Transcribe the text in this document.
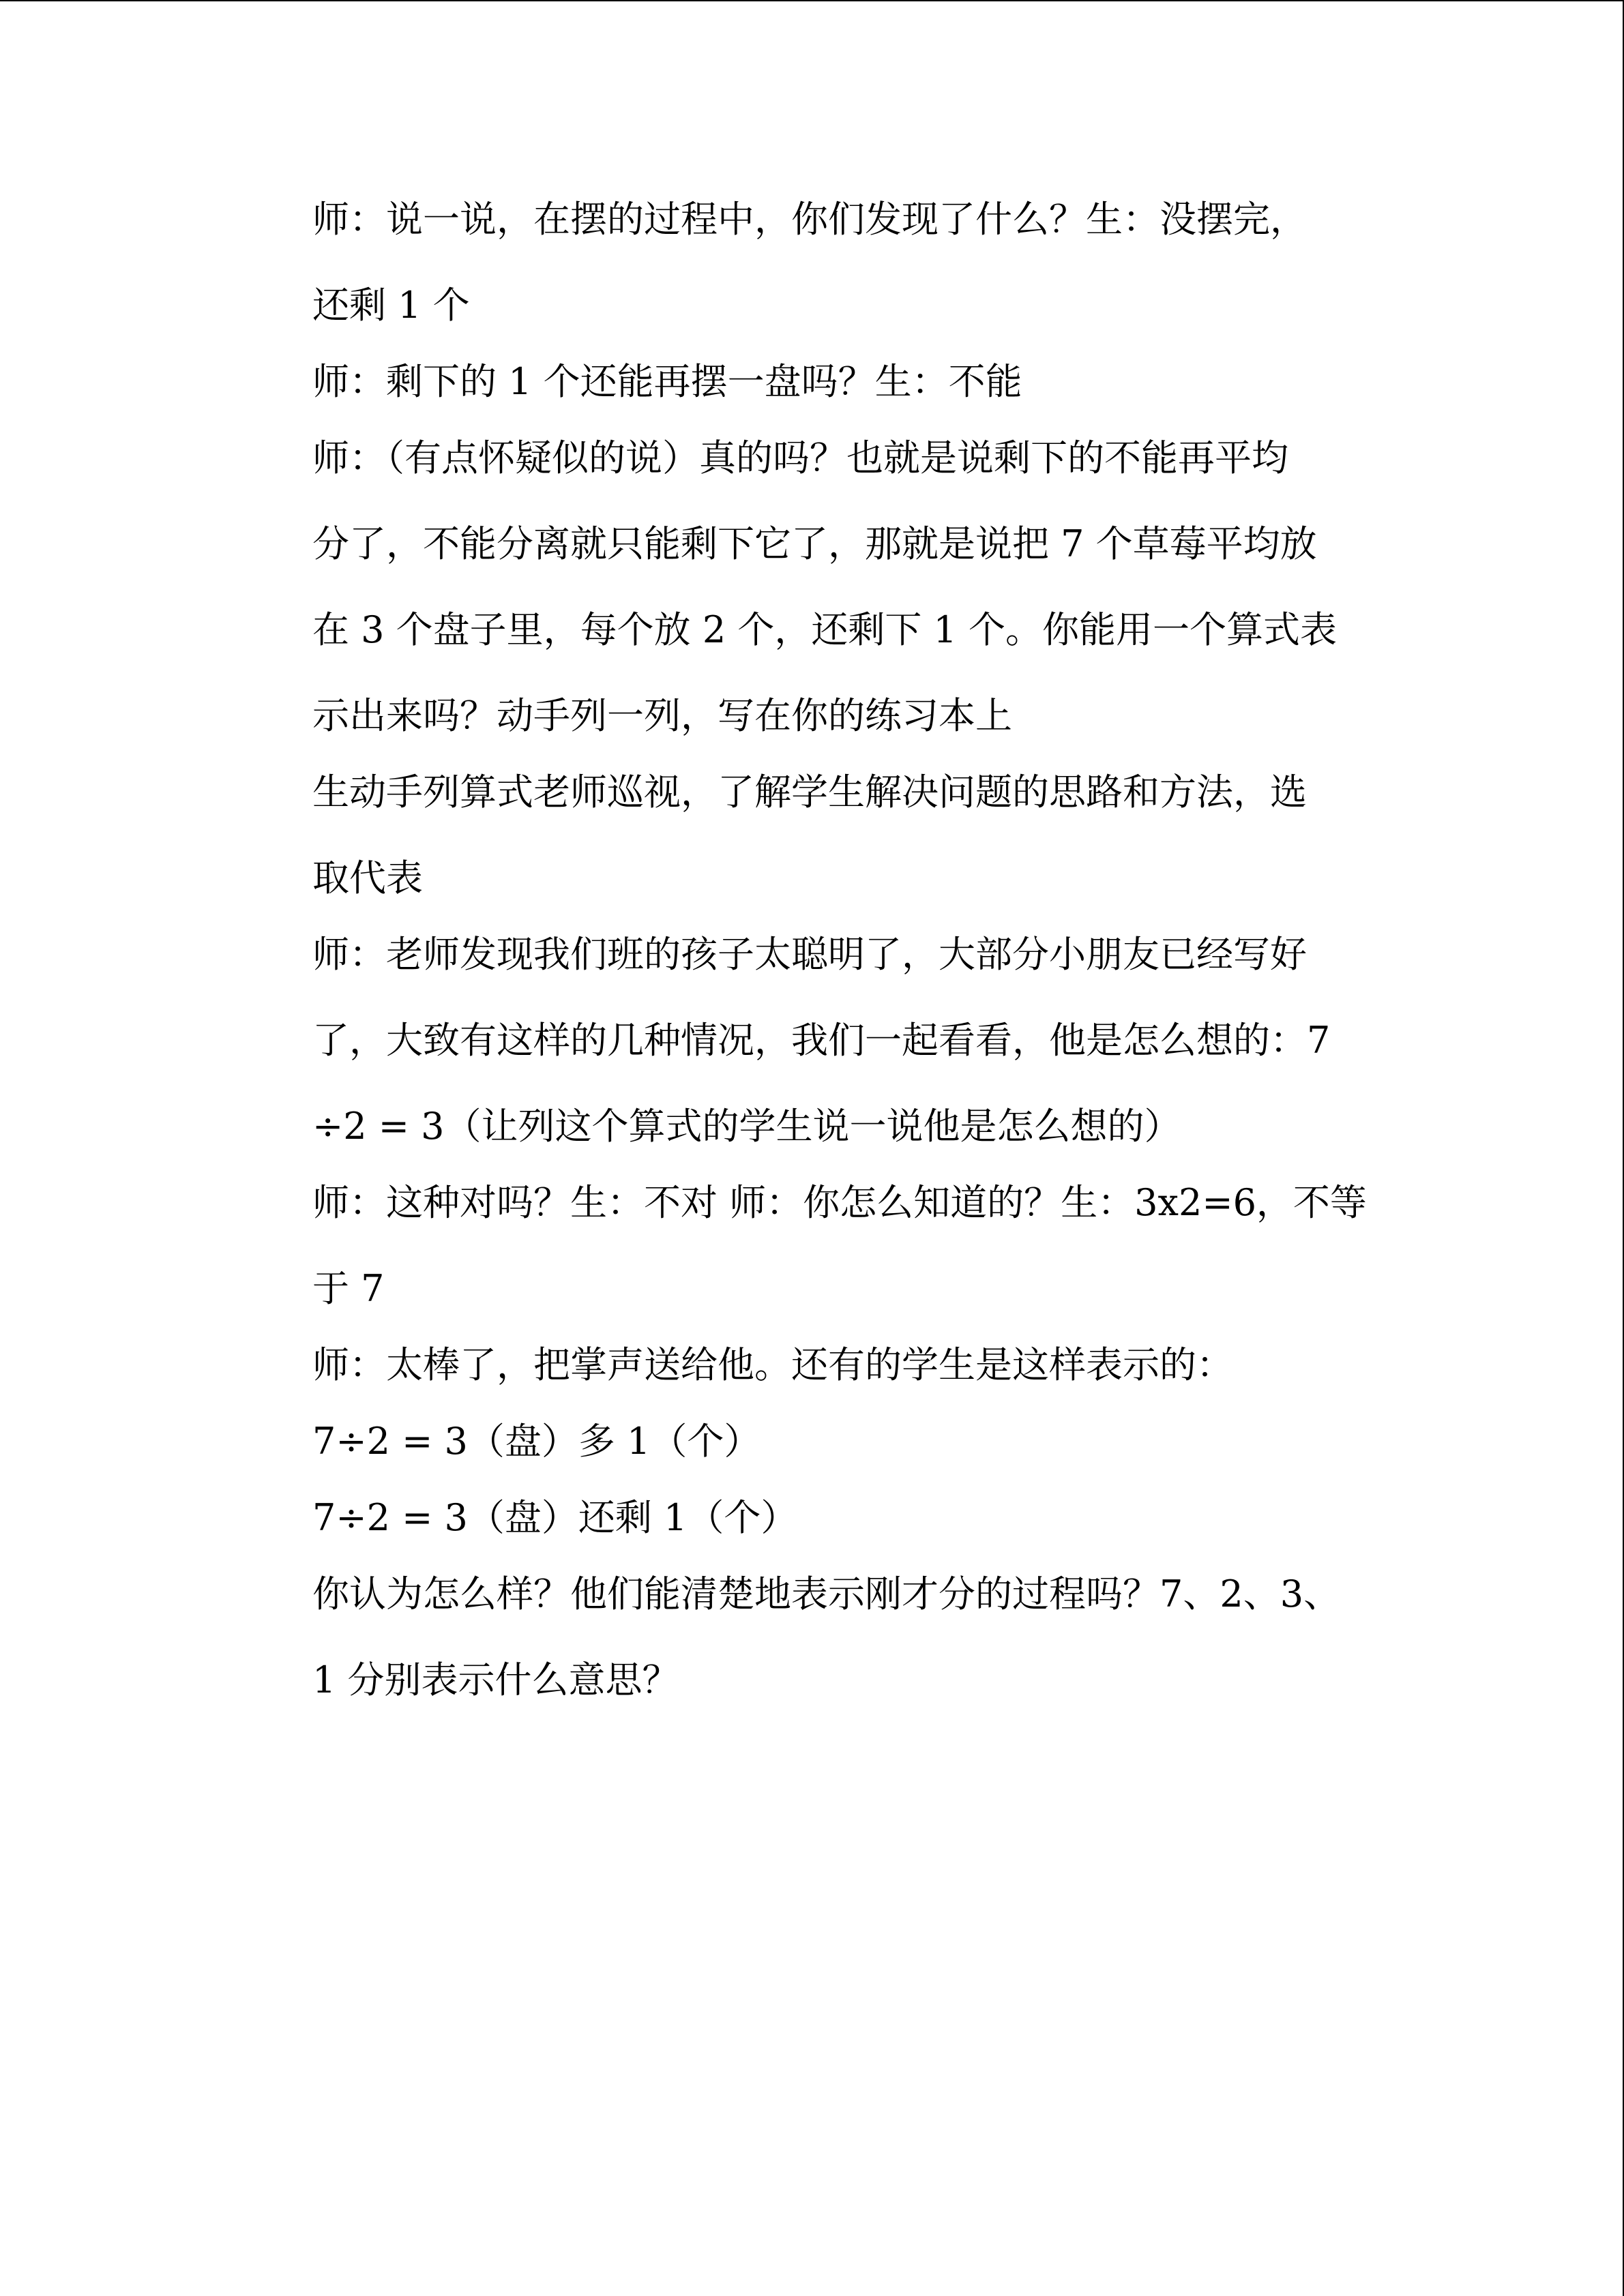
师：说一说，在摆的过程中，你们发现了什么？生：没摆完，
还剩 1 个
师：剩下的 1 个还能再摆一盘吗？生：不能
师：（有点怀疑似的说）真的吗？也就是说剩下的不能再平均
分了，不能分离就只能剩下它了，那就是说把 7 个草莓平均放
在 3 个盘子里，每个放 2 个，还剩下 1 个。你能用一个算式表
示出来吗？动手列一列，写在你的练习本上
生动手列算式老师巡视，了解学生解决问题的思路和方法，选
取代表
师：老师发现我们班的孩子太聪明了，大部分小朋友已经写好
了，大致有这样的几种情况，我们一起看看，他是怎么想的：7
÷2 = 3（让列这个算式的学生说一说他是怎么想的）
师：这种对吗？生：不对 师：你怎么知道的？生：3x2=6，不等
于 7
师：太棒了，把掌声送给他。还有的学生是这样表示的：
7÷2 = 3（盘）多 1（个）
7÷2 = 3（盘）还剩 1（个）
你认为怎么样？他们能清楚地表示刚才分的过程吗？7、2、3、
1 分别表示什么意思？
